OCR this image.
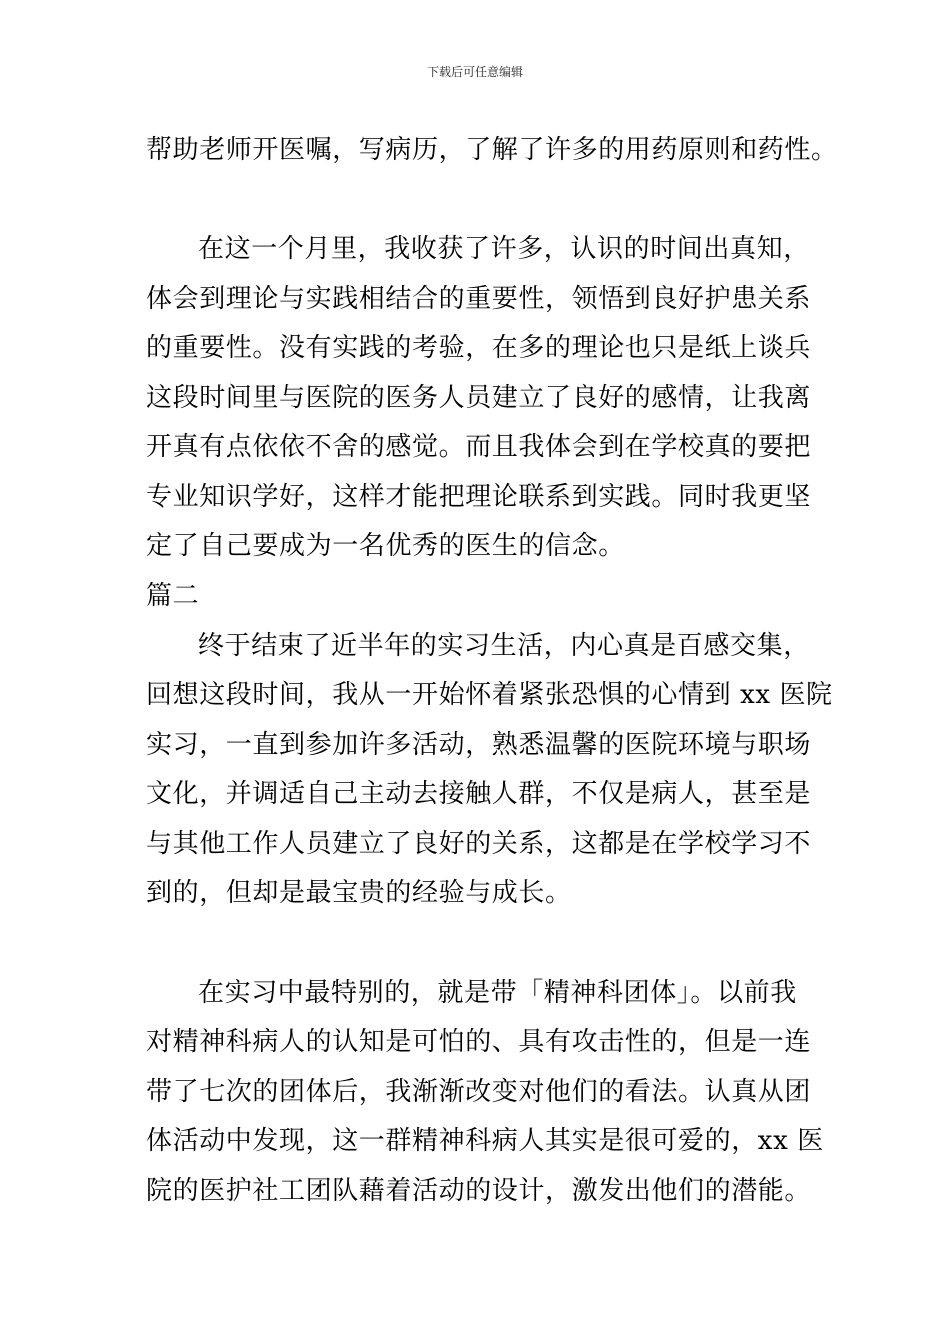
下载后可任意编辑
帮助老师开医嘱，写病历，了解了许多的用药原则和药性。
在这一个月里，我收获了许多，认识的时间出真知，
体会到理论与实践相结合的重要性，领悟到良好护患关系
的重要性。没有实践的考验，在多的理论也只是纸上谈兵
这段时间里与医院的医务人员建立了良好的感情，让我离
开真有点依依不舍的感觉。而且我体会到在学校真的要把
专业知识学好，这样才能把理论联系到实践。同时我更坚
定了自己要成为一名优秀的医生的信念。
篇二
终于结束了近半年的实习生活，内心真是百感交集，
回想这段时间，我从一开始怀着紧张恐惧的心情到 xx 医院
实习，一直到参加许多活动，熟悉温馨的医院环境与职场
文化，并调适自己主动去接触人群，不仅是病人，甚至是
与其他工作人员建立了良好的关系，这都是在学校学习不
到的，但却是最宝贵的经验与成长。
在实习中最特别的，就是带「精神科团体」。以前我
对精神科病人的认知是可怕的、具有攻击性的，但是一连
带了七次的团体后，我渐渐改变对他们的看法。认真从团
体活动中发现，这一群精神科病人其实是很可爱的，xx 医
院的医护社工团队藉着活动的设计，激发出他们的潜能。
